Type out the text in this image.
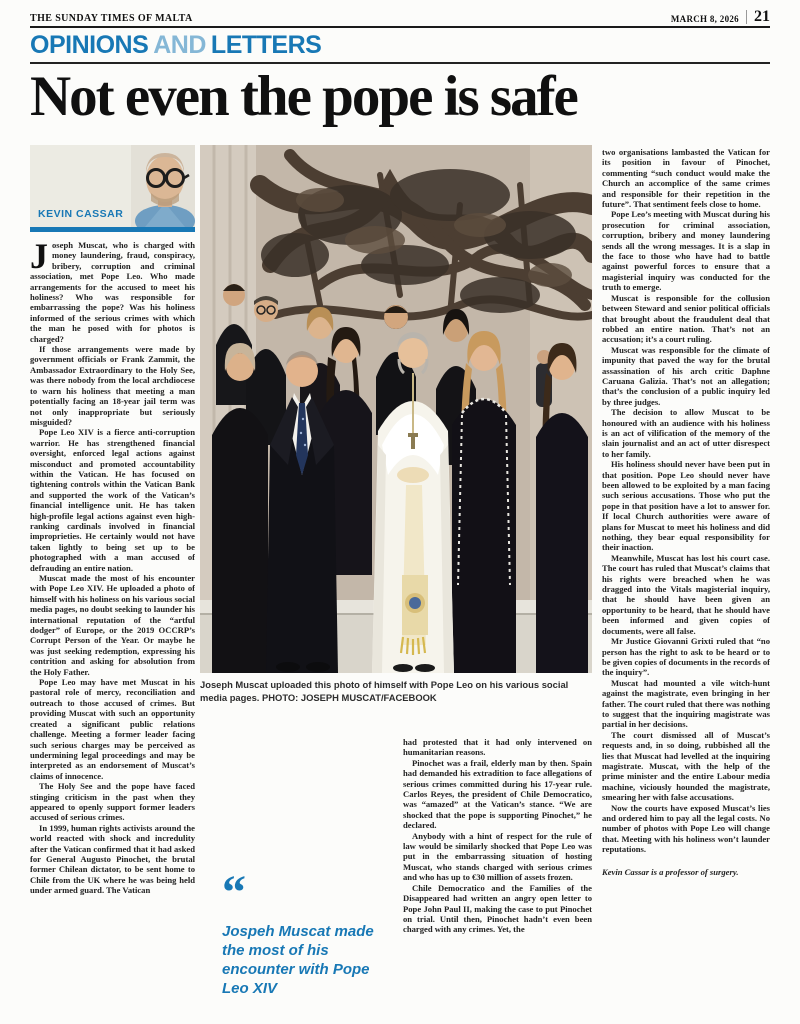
THE SUNDAY TIMES OF MALTA	MARCH 8, 2026 21
OPINIONS AND LETTERS
Not even the pope is safe
KEVIN CASSAR

Joseph Muscat, who is charged with money laundering, fraud, conspiracy, bribery, corruption and criminal association, met Pope Leo. Who made arrangements for the accused to meet his holiness? Who was responsible for embarrassing the pope? Was his holiness informed of the serious crimes with which the man he posed with for photos is charged?

If those arrangements were made by government officials or Frank Zammit, the Ambassador Extraordinary to the Holy See, was there nobody from the local archdiocese to warn his holiness that meeting a man potentially facing an 18-year jail term was not only inappropriate but seriously misguided?

Pope Leo XIV is a fierce anti-corruption warrior. He has strengthened financial oversight, enforced legal actions against misconduct and promoted accountability within the Vatican. He has focused on tightening controls within the Vatican Bank and supported the work of the Vatican’s financial intelligence unit. He has taken high-profile legal actions against even high-ranking cardinals involved in financial improprieties. He certainly would not have taken lightly to being set up to be photographed with a man accused of defrauding an entire nation.

Muscat made the most of his encounter with Pope Leo XIV. He uploaded a photo of himself with his holiness on his various social media pages, no doubt seeking to launder his international reputation of the “artful dodger” of Europe, or the 2019 OCCRP’s Corrupt Person of the Year. Or maybe he was just seeking redemption, expressing his contrition and asking for absolution from the Holy Father.

Pope Leo may have met Muscat in his pastoral role of mercy, reconciliation and outreach to those accused of crimes. But providing Muscat with such an opportunity created a significant public relations challenge. Meeting a former leader facing such serious charges may be perceived as undermining legal proceedings and may be interpreted as an endorsement of Muscat’s claims of innocence.

The Holy See and the pope have faced stinging criticism in the past when they appeared to openly support former leaders accused of serious crimes.

In 1999, human rights activists around the world reacted with shock and incredulity after the Vatican confirmed that it had asked for General Augusto Pinochet, the brutal former Chilean dictator, to be sent home to Chile from the UK where he was being held under armed guard. The Vatican

Joseph Muscat uploaded this photo of himself with Pope Leo on his various social media pages. PHOTO: JOSEPH MUSCAT/FACEBOOK
“
Jospeh Muscat made the most of his encounter with Pope Leo XIV

had protested that it had only intervened on humanitarian reasons.

Pinochet was a frail, elderly man by then. Spain had demanded his extradition to face allegations of serious crimes committed during his 17-year rule. Carlos Reyes, the president of Chile Democratico, was “amazed” at the Vatican’s stance. “We are shocked that the pope is supporting Pinochet,” he declared.

Anybody with a hint of respect for the rule of law would be similarly shocked that Pope Leo was put in the embarrassing situation of hosting Muscat, who stands charged with serious crimes and who has up to €30 million of assets frozen.

Chile Democratico and the Families of the Disappeared had written an angry open letter to Pope John Paul II, making the case to put Pinochet on trial. Until then, Pinochet hadn’t even been charged with any crimes. Yet, the

two organisations lambasted the Vatican for its position in favour of Pinochet, commenting “such conduct would make the Church an accomplice of the same crimes and responsible for their repetition in the future”. That sentiment feels close to home.

Pope Leo’s meeting with Muscat during his prosecution for criminal association, corruption, bribery and money laundering sends all the wrong messages. It is a slap in the face to those who have had to battle against powerful forces to ensure that a magisterial inquiry was conducted for the truth to emerge.

Muscat is responsible for the collusion between Steward and senior political officials that brought about the fraudulent deal that robbed an entire nation. That’s not an accusation; it’s a court ruling.

Muscat was responsible for the climate of impunity that paved the way for the brutal assassination of his arch critic Daphne Caruana Galizia. That’s not an allegation; that’s the conclusion of a public inquiry led by three judges.

The decision to allow Muscat to be honoured with an audience with his holiness is an act of vilification of the memory of the slain journalist and an act of utter disrespect to her family.

His holiness should never have been put in that position. Pope Leo should never have been allowed to be exploited by a man facing such serious accusations. Those who put the pope in that position have a lot to answer for. If local Church authorities were aware of plans for Muscat to meet his holiness and did nothing, they bear equal responsibility for their inaction.

Meanwhile, Muscat has lost his court case. The court has ruled that Muscat’s claims that his rights were breached when he was dragged into the Vitals magisterial inquiry, that he should have been given an opportunity to be heard, that he should have been informed and given copies of documents, were all false.

Mr Justice Giovanni Grixti ruled that “no person has the right to ask to be heard or to be given copies of documents in the records of the inquiry”.

Muscat had mounted a vile witch-hunt against the magistrate, even bringing in her father. The court ruled that there was nothing to suggest that the inquiring magistrate was partial in her decisions.

The court dismissed all of Muscat’s requests and, in so doing, rubbished all the lies that Muscat had levelled at the inquiring magistrate. Muscat, with the help of the prime minister and the entire Labour media machine, viciously hounded the magistrate, smearing her with false accusations.

Now the courts have exposed Muscat’s lies and ordered him to pay all the legal costs. No number of photos with Pope Leo will change that. Meeting with his holiness won’t launder reputations.

Kevin Cassar is a professor of surgery.
